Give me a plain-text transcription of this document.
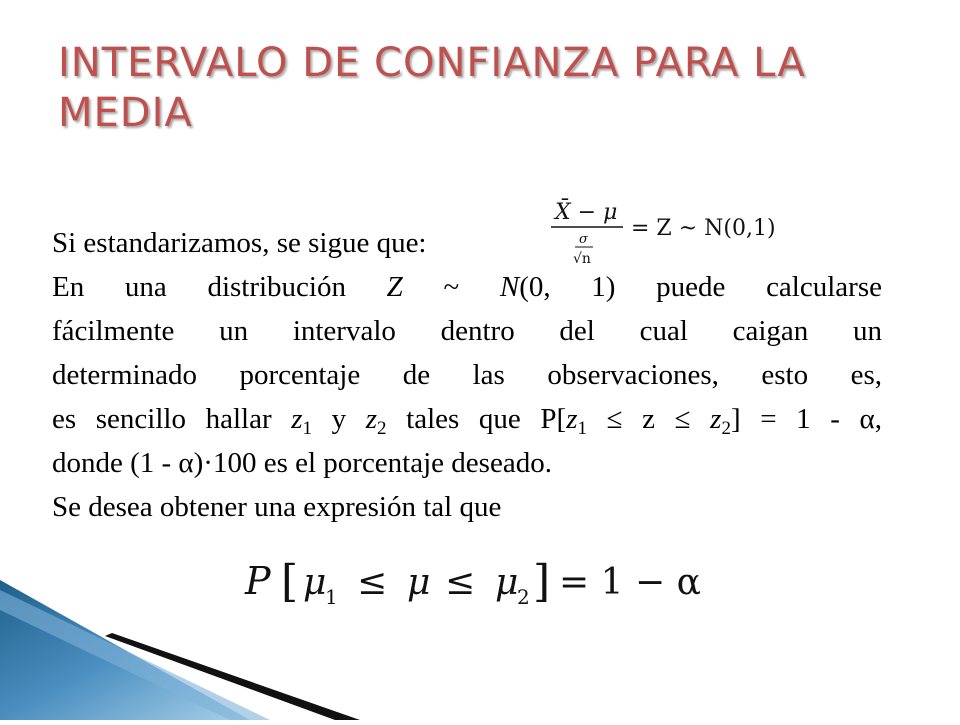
INTERVALO DE CONFIANZA PARA LA MEDIA
Si estandarizamos, se sigue que:
X̄ − μ
σ
√n
= Z ~ N(0,1)
En una distribución Z ~ N(0, 1) puede calcularse
fácilmente un intervalo dentro del cual caigan un
determinado porcentaje de las observaciones, esto es,
es sencillo hallar $z_1$ y $z_2$ tales que $P[z_1 \le z \le z_2] = 1 - \alpha$,
donde (1 - α)·100 es el porcentaje deseado.
Se desea obtener una expresión tal que
P [ μ
1 ≤ μ ≤ μ
2 ] = 1 − α
